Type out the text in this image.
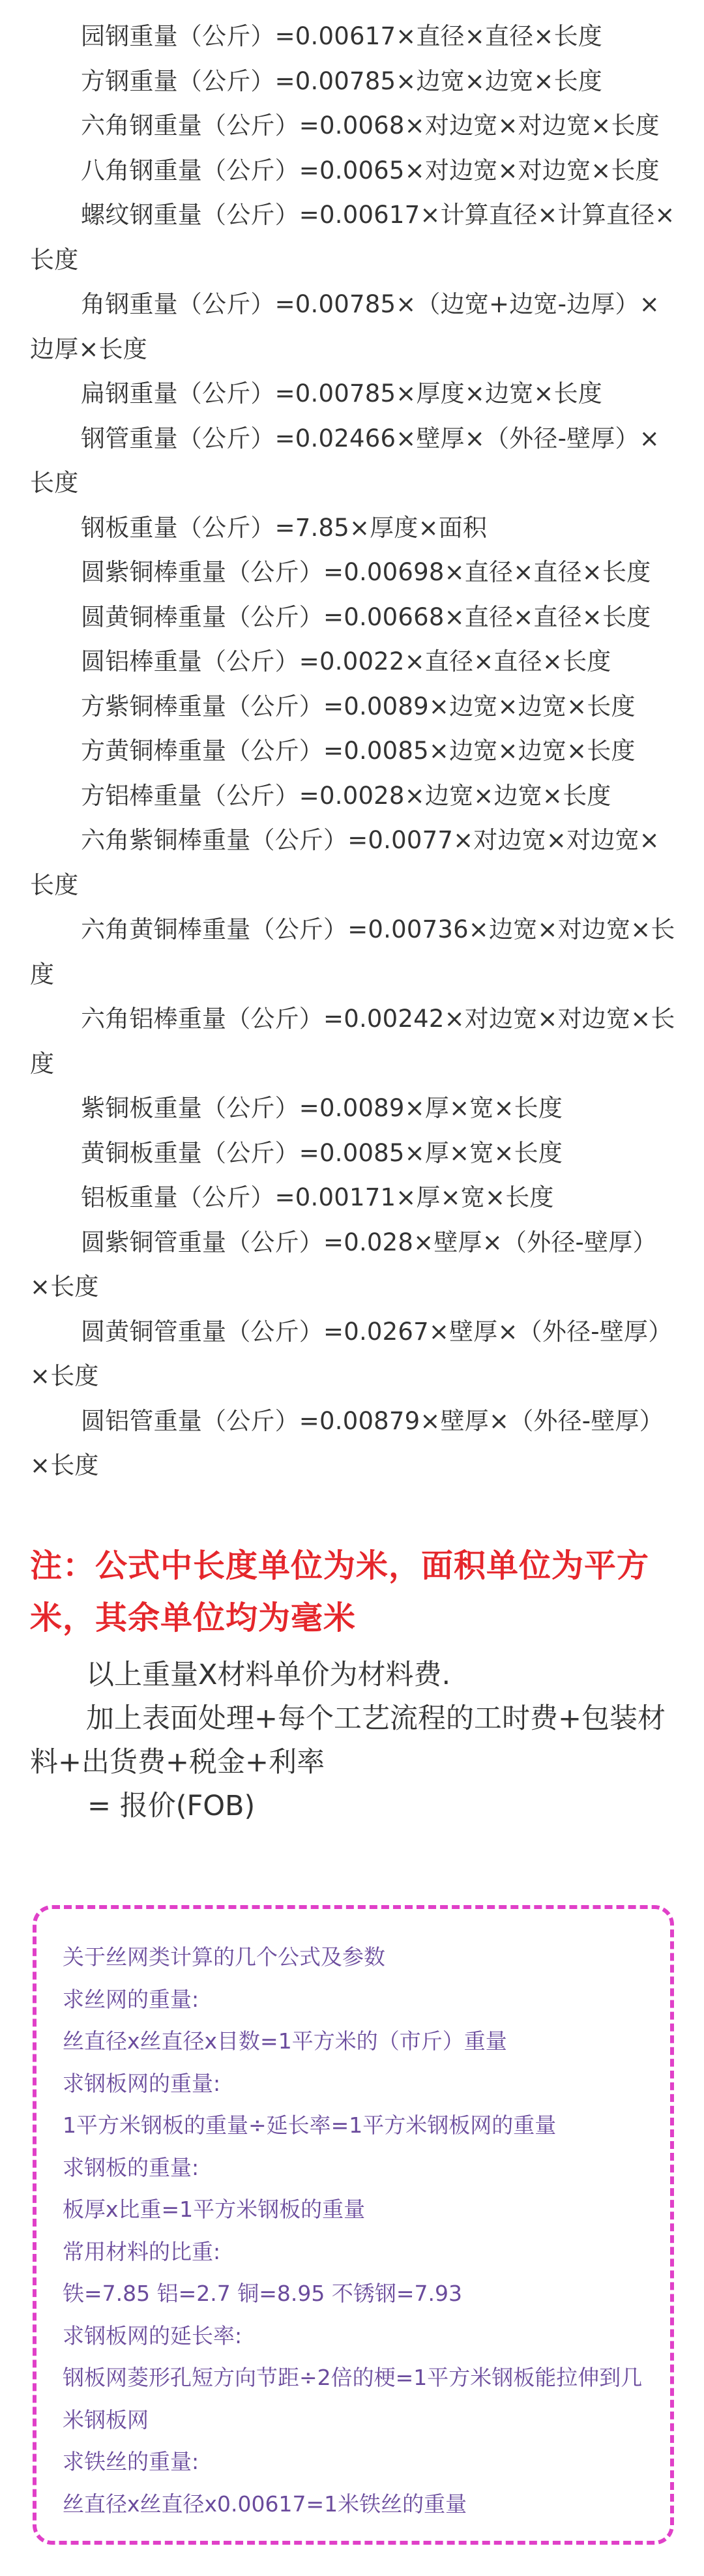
园钢重量（公斤）=0.00617×直径×直径×长度

方钢重量（公斤）=0.00785×边宽×边宽×长度

六角钢重量（公斤）=0.0068×对边宽×对边宽×长度

八角钢重量（公斤）=0.0065×对边宽×对边宽×长度

螺纹钢重量（公斤）=0.00617×计算直径×计算直径×长度

角钢重量（公斤）=0.00785×（边宽+边宽-边厚）×边厚×长度

扁钢重量（公斤）=0.00785×厚度×边宽×长度

钢管重量（公斤）=0.02466×壁厚×（外径-壁厚）×长度

钢板重量（公斤）=7.85×厚度×面积

圆紫铜棒重量（公斤）=0.00698×直径×直径×长度

圆黄铜棒重量（公斤）=0.00668×直径×直径×长度

圆铝棒重量（公斤）=0.0022×直径×直径×长度

方紫铜棒重量（公斤）=0.0089×边宽×边宽×长度

方黄铜棒重量（公斤）=0.0085×边宽×边宽×长度

方铝棒重量（公斤）=0.0028×边宽×边宽×长度

六角紫铜棒重量（公斤）=0.0077×对边宽×对边宽×长度

六角黄铜棒重量（公斤）=0.00736×边宽×对边宽×长度

六角铝棒重量（公斤）=0.00242×对边宽×对边宽×长度

紫铜板重量（公斤）=0.0089×厚×宽×长度

黄铜板重量（公斤）=0.0085×厚×宽×长度

铝板重量（公斤）=0.00171×厚×宽×长度

圆紫铜管重量（公斤）=0.028×壁厚×（外径-壁厚）×长度

圆黄铜管重量（公斤）=0.0267×壁厚×（外径-壁厚）×长度

圆铝管重量（公斤）=0.00879×壁厚×（外径-壁厚）×长度

注：公式中长度单位为米，面积单位为平方米，其余单位均为毫米

以上重量X材料单价为材料费.

加上表面处理+每个工艺流程的工时费+包装材料+出货费+税金+利率

= 报价(FOB)

关于丝网类计算的几个公式及参数

求丝网的重量:

丝直径x丝直径x目数=1平方米的（市斤）重量

求钢板网的重量:

1平方米钢板的重量÷延长率=1平方米钢板网的重量

求钢板的重量:

板厚x比重=1平方米钢板的重量

常用材料的比重:

铁=7.85 铝=2.7 铜=8.95 不锈钢=7.93

求钢板网的延长率:

钢板网菱形孔短方向节距÷2倍的梗=1平方米钢板能拉伸到几米钢板网

求铁丝的重量:

丝直径x丝直径x0.00617=1米铁丝的重量
